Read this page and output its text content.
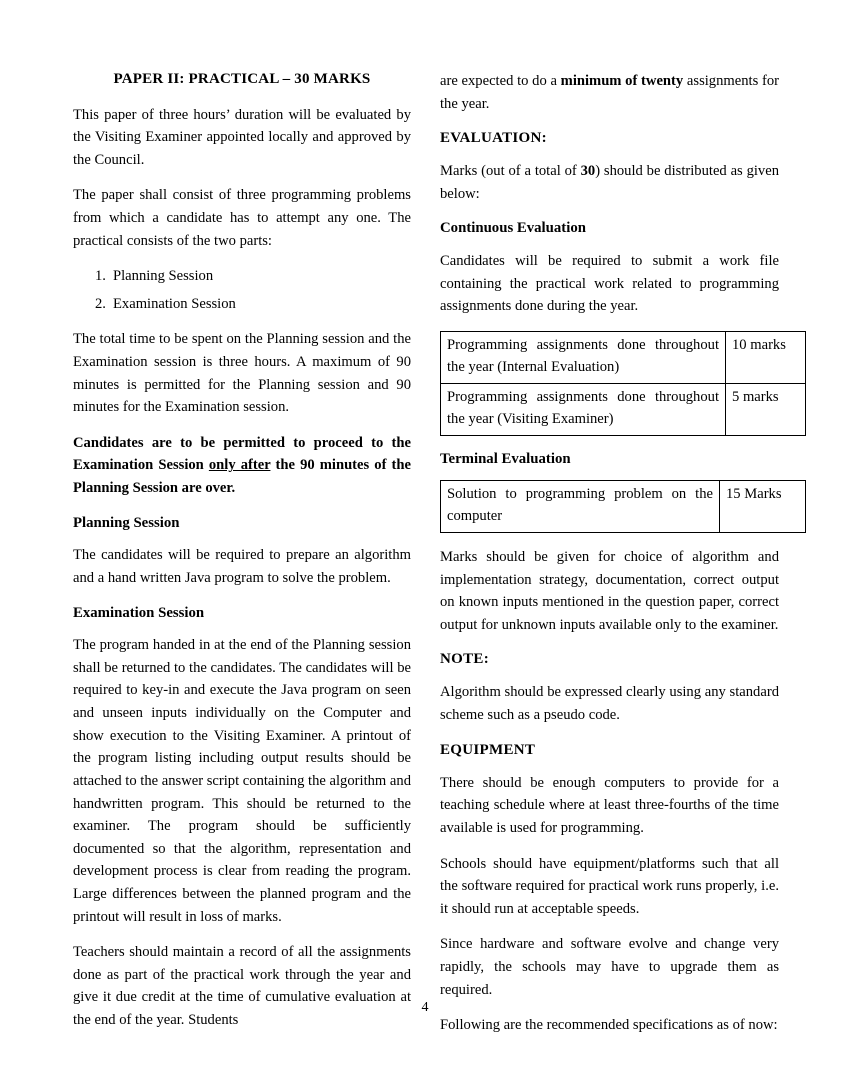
PAPER II: PRACTICAL – 30 MARKS

This paper of three hours’ duration will be evaluated by the Visiting Examiner appointed locally and approved by the Council.

The paper shall consist of three programming problems from which a candidate has to attempt any one. The practical consists of the two parts:

1. Planning Session
2. Examination Session

The total time to be spent on the Planning session and the Examination session is three hours. A maximum of 90 minutes is permitted for the Planning session and 90 minutes for the Examination session.

Candidates are to be permitted to proceed to the Examination Session only after the 90 minutes of the Planning Session are over.

Planning Session

The candidates will be required to prepare an algorithm and a hand written Java program to solve the problem.

Examination Session

The program handed in at the end of the Planning session shall be returned to the candidates. The candidates will be required to key-in and execute the Java program on seen and unseen inputs individually on the Computer and show execution to the Visiting Examiner. A printout of the program listing including output results should be attached to the answer script containing the algorithm and handwritten program. This should be returned to the examiner. The program should be sufficiently documented so that the algorithm, representation and development process is clear from reading the program. Large differences between the planned program and the printout will result in loss of marks.

Teachers should maintain a record of all the assignments done as part of the practical work through the year and give it due credit at the time of cumulative evaluation at the end of the year. Students

are expected to do a minimum of twenty assignments for the year.

EVALUATION:

Marks (out of a total of 30) should be distributed as given below:

Continuous Evaluation

Candidates will be required to submit a work file containing the practical work related to programming assignments done during the year.

Programming assignments done throughout the year (Internal Evaluation)	10 marks
Programming assignments done throughout the year (Visiting Examiner)	5 marks
Terminal Evaluation
Solution to programming problem on the computer	15 Marks

Marks should be given for choice of algorithm and implementation strategy, documentation, correct output on known inputs mentioned in the question paper, correct output for unknown inputs available only to the examiner.

NOTE:

Algorithm should be expressed clearly using any standard scheme such as a pseudo code.

EQUIPMENT

There should be enough computers to provide for a teaching schedule where at least three-fourths of the time available is used for programming.

Schools should have equipment/platforms such that all the software required for practical work runs properly, i.e. it should run at acceptable speeds.

Since hardware and software evolve and change very rapidly, the schools may have to upgrade them as required.

Following are the recommended specifications as of now:

4
